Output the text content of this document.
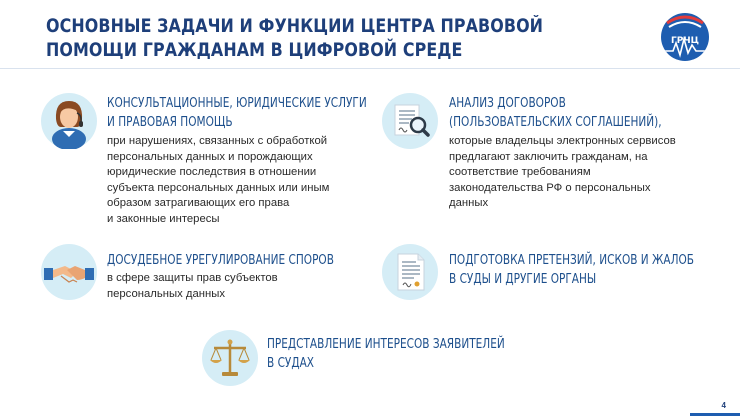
ОСНОВНЫЕ ЗАДАЧИ И ФУНКЦИИ ЦЕНТРА ПРАВОВОЙ
ПОМОЩИ ГРАЖДАНАМ В ЦИФРОВОЙ СРЕДЕ	ГРЧЦ
КОНСУЛЬТАЦИОННЫЕ, ЮРИДИЧЕСКИЕ УСЛУГИ
И ПРАВОВАЯ ПОМОЩЬ
при нарушениях, связанных с обработкой
персональных данных и порождающих
юридические последствия в отношении
субъекта персональных данных или иным
образом затрагивающих его права
и законные интересы
АНАЛИЗ ДОГОВОРОВ
(ПОЛЬЗОВАТЕЛЬСКИХ СОГЛАШЕНИЙ),
которые владельцы электронных сервисов
предлагают заключить гражданам, на
соответствие требованиям
законодательства РФ о персональных
данных
ДОСУДЕБНОЕ УРЕГУЛИРОВАНИЕ СПОРОВ
в сфере защиты прав субъектов
персональных данных
ПОДГОТОВКА ПРЕТЕНЗИЙ, ИСКОВ И ЖАЛОБ
В СУДЫ И ДРУГИЕ ОРГАНЫ
ПРЕДСТАВЛЕНИЕ ИНТЕРЕСОВ ЗАЯВИТЕЛЕЙ
В СУДАХ
4
